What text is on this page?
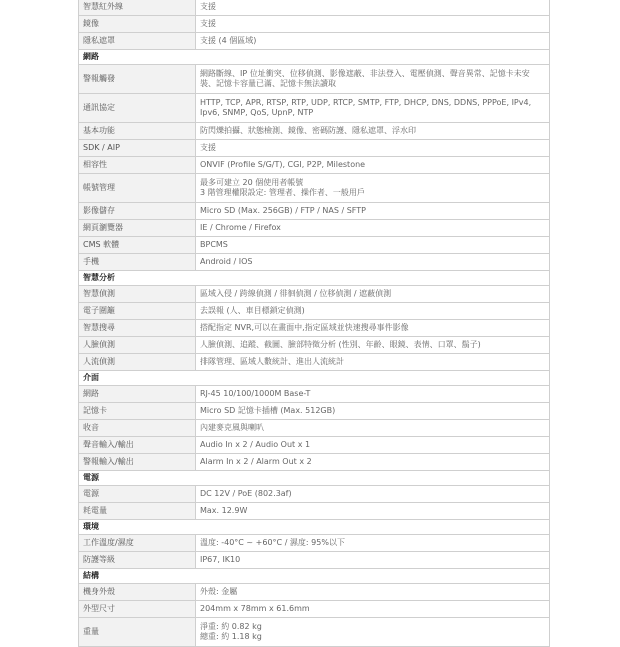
智慧紅外線	支援
鏡像	支援
隱私遮罩	支援 (4 個區域)
網路	
警報觸發	網路斷線、IP 位址衝突、位移偵測、影像遮蔽、非法登入、電壓偵測、聲音異常、記憶卡未安裝、記憶卡容量已滿、記憶卡無法讀取
通訊協定	HTTP, TCP, APR, RTSP, RTP, UDP, RTCP, SMTP, FTP, DHCP, DNS, DDNS, PPPoE, IPv4, Ipv6, SNMP, QoS, UpnP, NTP
基本功能	防閃爍拍攝、狀態檢測、鏡像、密碼防護、隱私遮罩、浮水印
SDK / AIP	支援
相容性	ONVIF (Profile S/G/T), CGI, P2P, Milestone
帳號管理	最多可建立 20 個使用者帳號
3 階管理權限設定: 管理者、操作者、一般用戶
影像儲存	Micro SD (Max. 256GB) / FTP / NAS / SFTP
網頁瀏覽器	IE / Chrome / Firefox
CMS 軟體	BPCMS
手機	Android / IOS
智慧分析	
智慧偵測	區域入侵 / 跨線偵測 / 徘徊偵測 / 位移偵測 / 遮蔽偵測
電子圍籬	去誤報 (人、車目標鎖定偵測)
智慧搜尋	搭配指定 NVR,可以在畫面中,指定區域並快速搜尋事件影像
人臉偵測	人臉偵測、追蹤、截圖、臉部特徵分析 (性別、年齡、眼鏡、表情、口罩、鬍子)
人流偵測	排隊管理、區域人數統計、進出人流統計
介面	
網路	RJ-45 10/100/1000M Base-T
記憶卡	Micro SD 記憶卡插槽 (Max. 512GB)
收音	內建麥克風與喇叭
聲音輸入/輸出	Audio In x 2 / Audio Out x 1
警報輸入/輸出	Alarm In x 2 / Alarm Out x 2
電源	
電源	DC 12V / PoE (802.3af)
耗電量	Max. 12.9W
環境	
工作溫度/濕度	溫度: -40°C ~ +60°C / 濕度: 95%以下
防護等級	IP67, IK10
結構	
機身外殼	外殼: 金屬
外型尺寸	204mm x 78mm x 61.6mm
重量	淨重: 約 0.82 kg
總重: 約 1.18 kg
